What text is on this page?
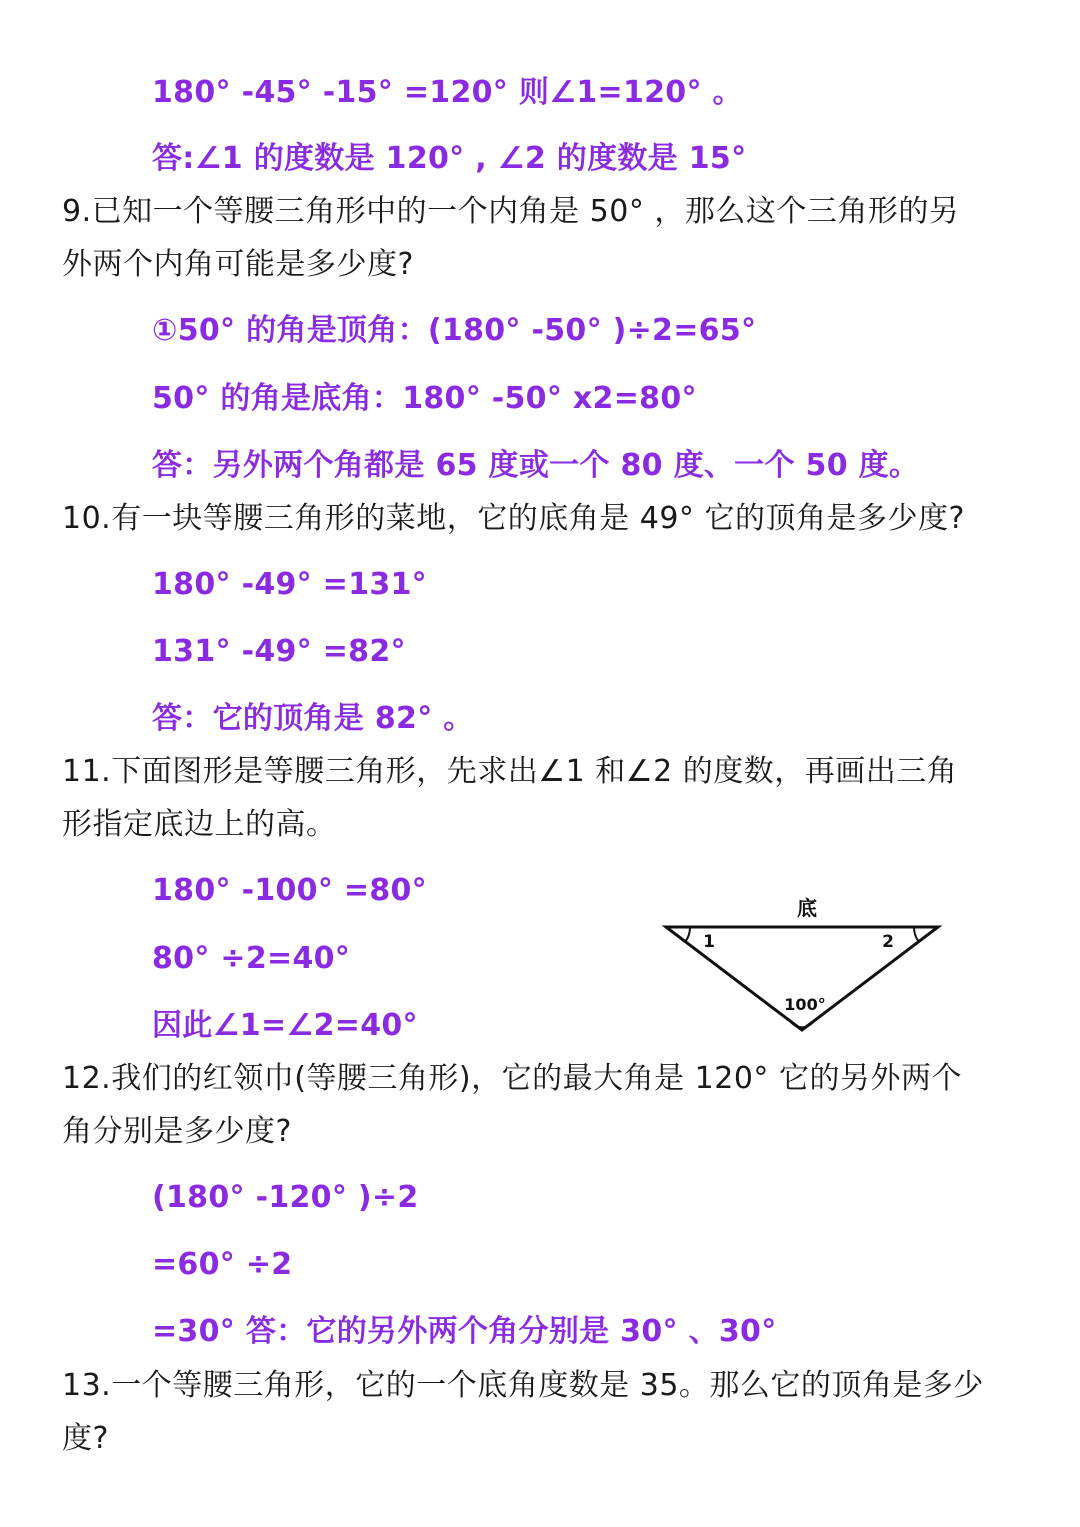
180° -45° -15° =120° 则∠1=120° 。
答:∠1 的度数是 120° , ∠2 的度数是 15°
9.已知一个等腰三角形中的一个内角是 50° ，那么这个三角形的另
外两个内角可能是多少度?
①50° 的角是顶角：(180° -50° )÷2=65°
50° 的角是底角：180° -50° x2=80°
答：另外两个角都是 65 度或一个 80 度、一个 50 度。
10.有一块等腰三角形的菜地，它的底角是 49° 它的顶角是多少度?
180° -49° =131°
131° -49° =82°
答：它的顶角是 82° 。
11.下面图形是等腰三角形，先求出∠1 和∠2 的度数，再画出三角
形指定底边上的高。
180° -100° =80°
80° ÷2=40°
因此∠1=∠2=40°
12.我们的红领巾(等腰三角形)，它的最大角是 120° 它的另外两个
角分别是多少度?
(180° -120° )÷2
=60° ÷2
=30° 答：它的另外两个角分别是 30° 、30°
13.一个等腰三角形，它的一个底角度数是 35。那么它的顶角是多少
度?
底
1	2
100°
